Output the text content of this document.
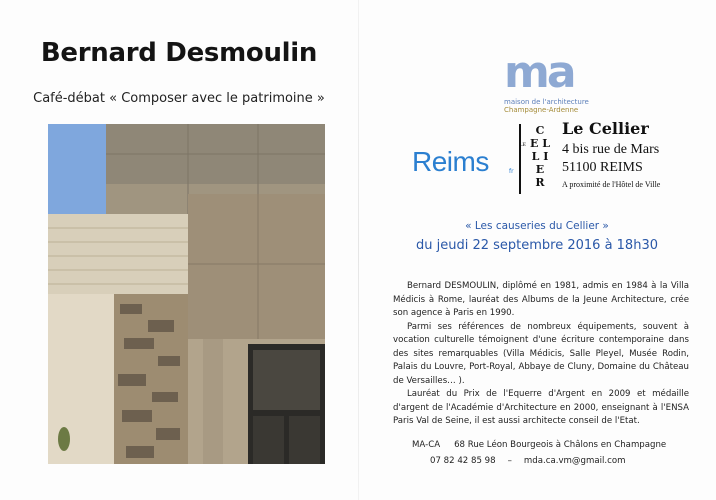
Bernard Desmoulin
Café-débat « Composer avec le patrimoine »
ma
maison de l'architecture
Champagne-Ardenne
Reims	fr
LE
C
E L
L I
E
R
Le Cellier
4 bis rue de Mars
51100 REIMS
A proximité de l'Hôtel de Ville
« Les causeries du Cellier »
du jeudi 22 septembre 2016 à 18h30

Bernard DESMOULIN, diplômé en 1981, admis en 1984 à la Villa Médicis à Rome, lauréat des Albums de la Jeune Architecture, crée son agence à Paris en 1990.

Parmi ses références de nombreux équipements, souvent à vocation culturelle témoignent d'une écriture contemporaine dans des sites remarquables (Villa Médicis, Salle Pleyel, Musée Rodin, Palais du Louvre, Port-Royal, Abbaye de Cluny, Domaine du Château de Versailles… ).

Lauréat du Prix de l'Equerre d'Argent en 2009 et médaille d'argent de l'Académie d'Architecture en 2000, enseignant à l'ENSA Paris Val de Seine, il est aussi architecte conseil de l'Etat.

MA-CA 68 Rue Léon Bourgeois à Châlons en Champagne
07 82 42 85 98 – mda.ca.vm@gmail.com
